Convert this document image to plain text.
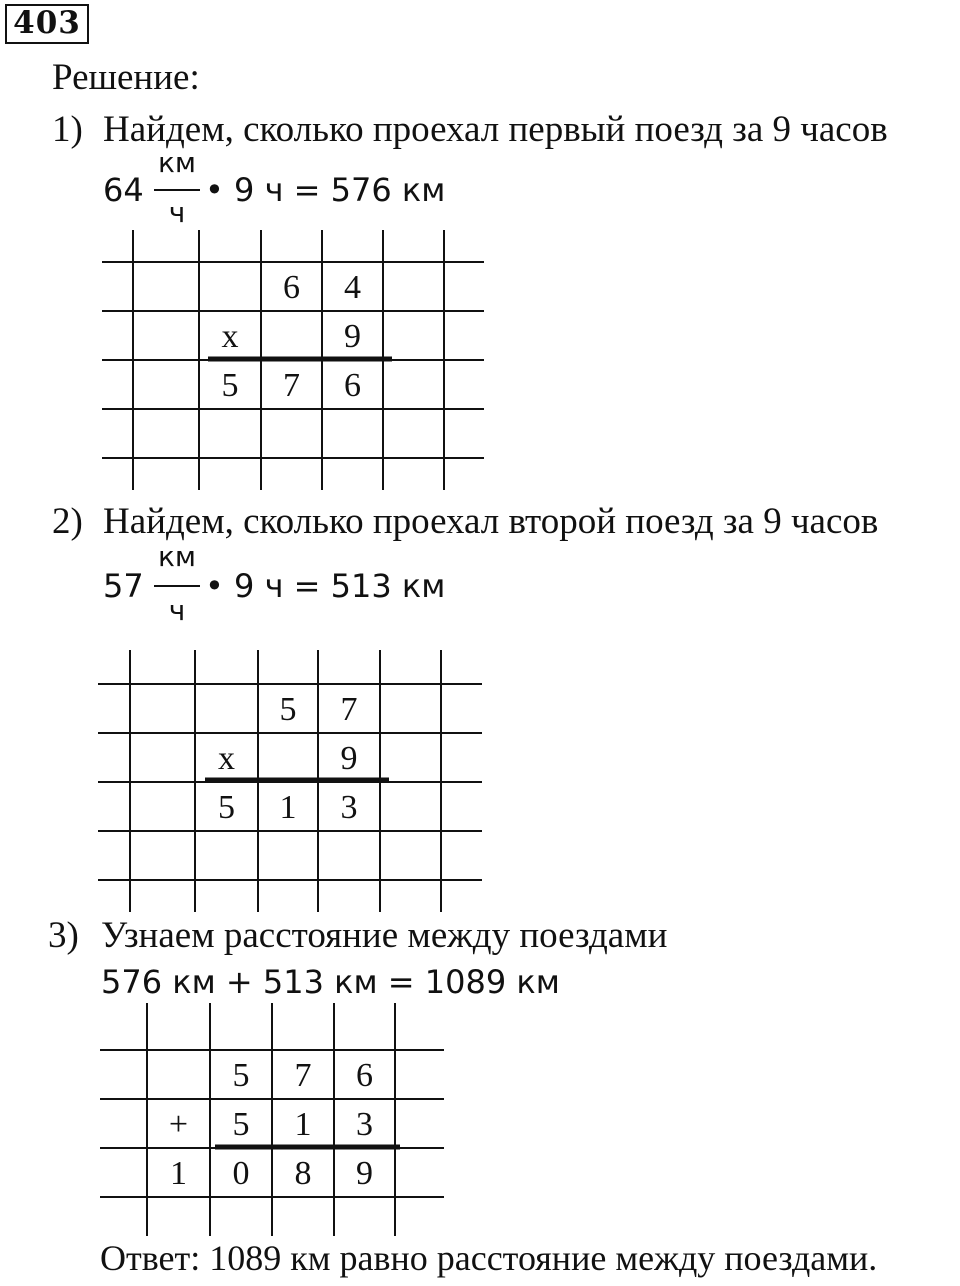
403
Решение:
1) Найдем, сколько проехал первый поезд за 9 часов
64
км
ч
• 9 ч = 576 км
6	4
x	9
5	7	6
2) Найдем, сколько проехал второй поезд за 9 часов
57
км
ч
• 9 ч = 513 км
5	7
x	9
5	1	3
3) Узнаем расстояние между поездами
576 км + 513 км = 1089 км
5	7	6
+	5	1	3
1	0	8	9
Ответ: 1089 км равно расстояние между поездами.
